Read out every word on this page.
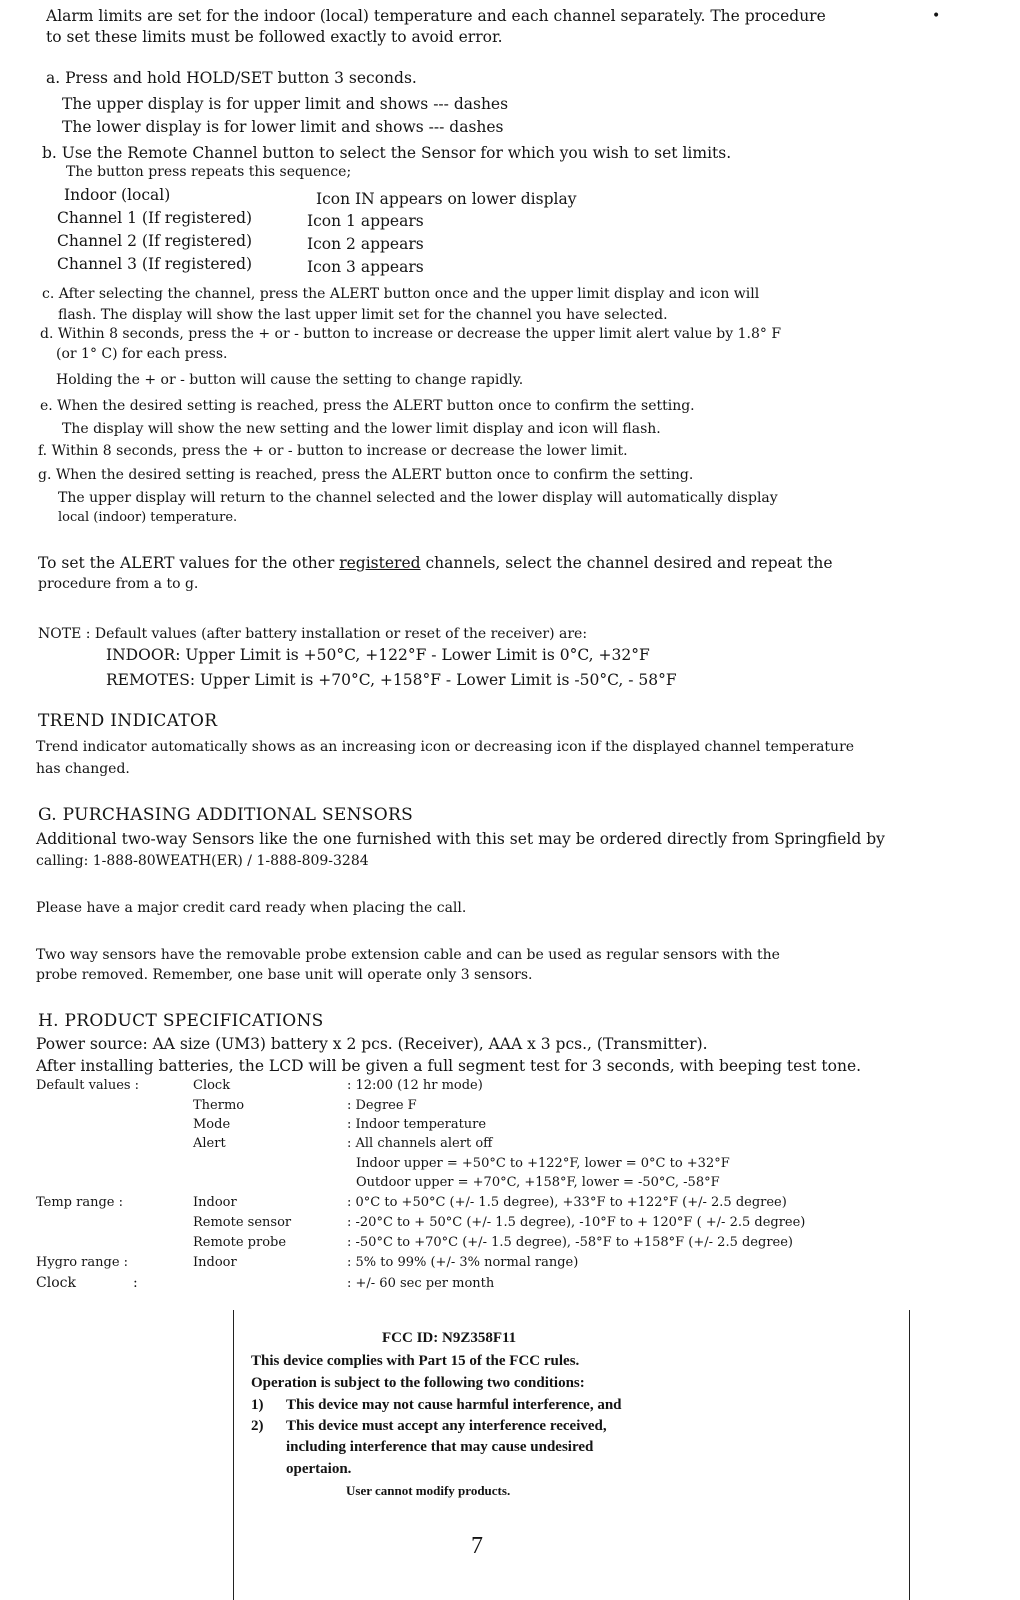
Alarm limits are set for the indoor (local) temperature and each channel separately. The procedure
to set these limits must be followed exactly to avoid error.
•
a. Press and hold HOLD/SET button 3 seconds.
The upper display is for upper limit and shows --- dashes
The lower display is for lower limit and shows --- dashes
b. Use the Remote Channel button to select the Sensor for which you wish to set limits.
The button press repeats this sequence;
Indoor (local)	Icon IN appears on lower display
Channel 1 (If registered)	Icon 1 appears
Channel 2 (If registered)	Icon 2 appears
Channel 3 (If registered)	Icon 3 appears
c. After selecting the channel, press the ALERT button once and the upper limit display and icon will
flash. The display will show the last upper limit set for the channel you have selected.
d. Within 8 seconds, press the + or - button to increase or decrease the upper limit alert value by 1.8° F
(or 1° C) for each press.
Holding the + or - button will cause the setting to change rapidly.
e. When the desired setting is reached, press the ALERT button once to confirm the setting.
The display will show the new setting and the lower limit display and icon will flash.
f. Within 8 seconds, press the + or - button to increase or decrease the lower limit.
g. When the desired setting is reached, press the ALERT button once to confirm the setting.
The upper display will return to the channel selected and the lower display will automatically display
local (indoor) temperature.
To set the ALERT values for the other registered channels, select the channel desired and repeat the
procedure from a to g.
NOTE : Default values (after battery installation or reset of the receiver) are:
INDOOR: Upper Limit is +50°C, +122°F - Lower Limit is 0°C, +32°F
REMOTES: Upper Limit is +70°C, +158°F - Lower Limit is -50°C, - 58°F
TREND INDICATOR
Trend indicator automatically shows as an increasing icon or decreasing icon if the displayed channel temperature
has changed.
G. PURCHASING ADDITIONAL SENSORS
Additional two-way Sensors like the one furnished with this set may be ordered directly from Springfield by
calling: 1-888-80WEATH(ER) / 1-888-809-3284
Please have a major credit card ready when placing the call.
Two way sensors have the removable probe extension cable and can be used as regular sensors with the
probe removed. Remember, one base unit will operate only 3 sensors.
H. PRODUCT SPECIFICATIONS
Power source: AA size (UM3) battery x 2 pcs. (Receiver), AAA x 3 pcs., (Transmitter).
After installing batteries, the LCD will be given a full segment test for 3 seconds, with beeping test tone.
Default values :	Clock	: 12:00 (12 hr mode)
Thermo	: Degree F
Mode	: Indoor temperature
Alert	: All channels alert off
Indoor upper = +50°C to +122°F, lower = 0°C to +32°F
Outdoor upper = +70°C, +158°F, lower = -50°C, -58°F
Temp range :	Indoor	: 0°C to +50°C (+/- 1.5 degree), +33°F to +122°F (+/- 2.5 degree)
Remote sensor	: -20°C to + 50°C (+/- 1.5 degree), -10°F to + 120°F ( +/- 2.5 degree)
Remote probe	: -50°C to +70°C (+/- 1.5 degree), -58°F to +158°F (+/- 2.5 degree)
Hygro range :	Indoor	: 5% to 99% (+/- 3% normal range)
Clock	:	: +/- 60 sec per month
FCC ID: N9Z358F11
This device complies with Part 15 of the FCC rules.
Operation is subject to the following two conditions:
1) This device may not cause harmful interference, and
2) This device must accept any interference received,
including interference that may cause undesired
opertaion.
User cannot modify products.
7
